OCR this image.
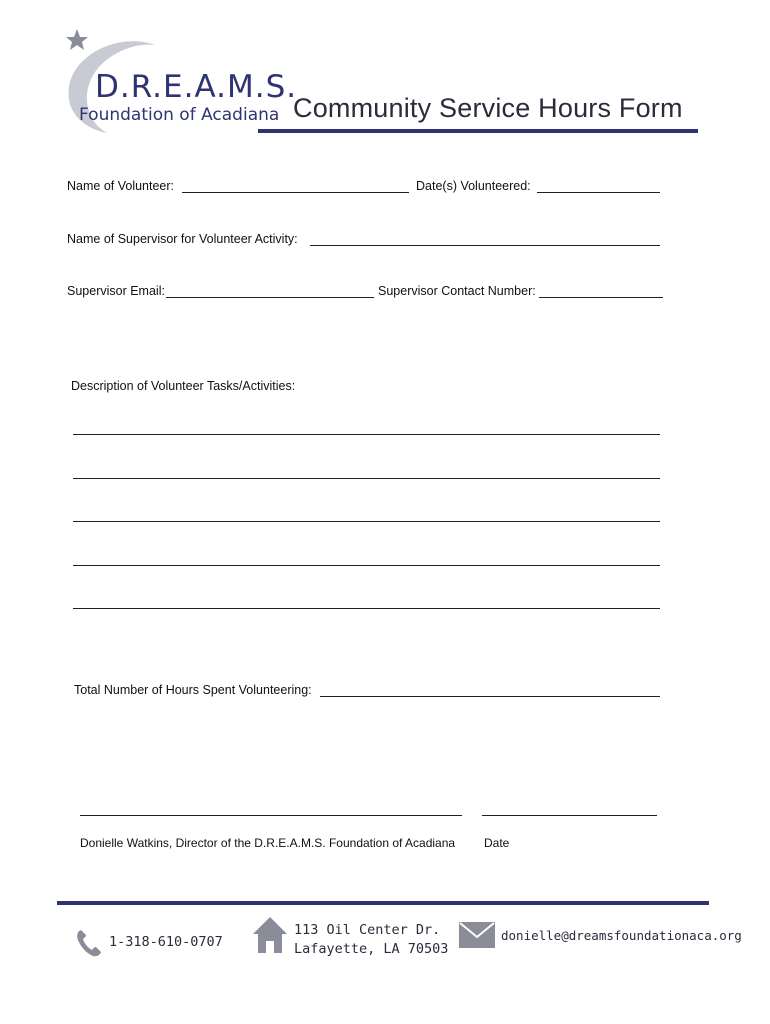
D.R.E.A.M.S.
Foundation of Acadiana Community Service Hours Form
Name of Volunteer:	Date(s) Volunteered:
Name of Supervisor for Volunteer Activity:
Supervisor Email:	Supervisor Contact Number:
Description of Volunteer Tasks/Activities:
Total Number of Hours Spent Volunteering:
Donielle Watkins, Director of the D.R.E.A.M.S. Foundation of Acadiana Date
1-318-610-0707
113 Oil Center Dr.
Lafayette, LA 70503
donielle@dreamsfoundationaca.org
